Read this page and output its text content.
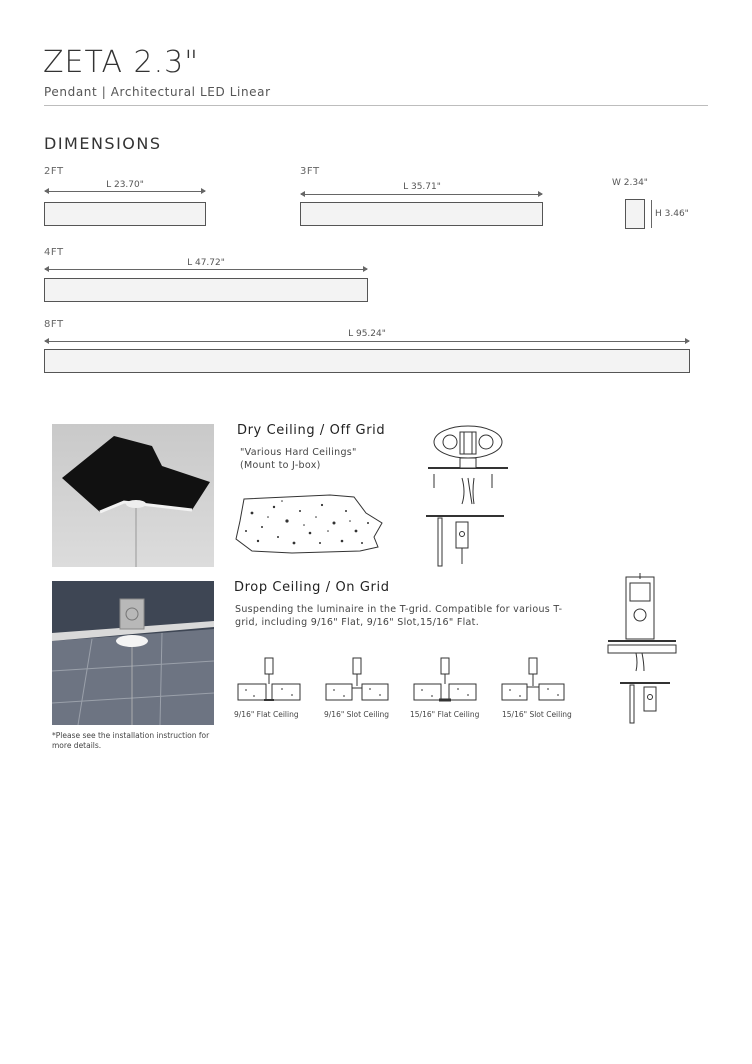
ZETA 2.3"
Pendant | Architectural LED Linear
DIMENSIONS
2FT
L 23.70"
3FT
L 35.71"	W 2.34"
H 3.46"
4FT
L 47.72"
8FT
L 95.24"
Dry Ceiling / Off Grid
"Various Hard Ceilings"
(Mount to J-box)
*Please see the installation instruction for more details.
Drop Ceiling / On Grid
Suspending the luminaire in the T-grid. Compatible for various T-grid, including 9/16" Flat, 9/16" Slot,15/16" Flat.
9/16" Flat Ceiling	9/16" Slot Ceiling	15/16" Flat Ceiling	15/16" Slot Ceiling
